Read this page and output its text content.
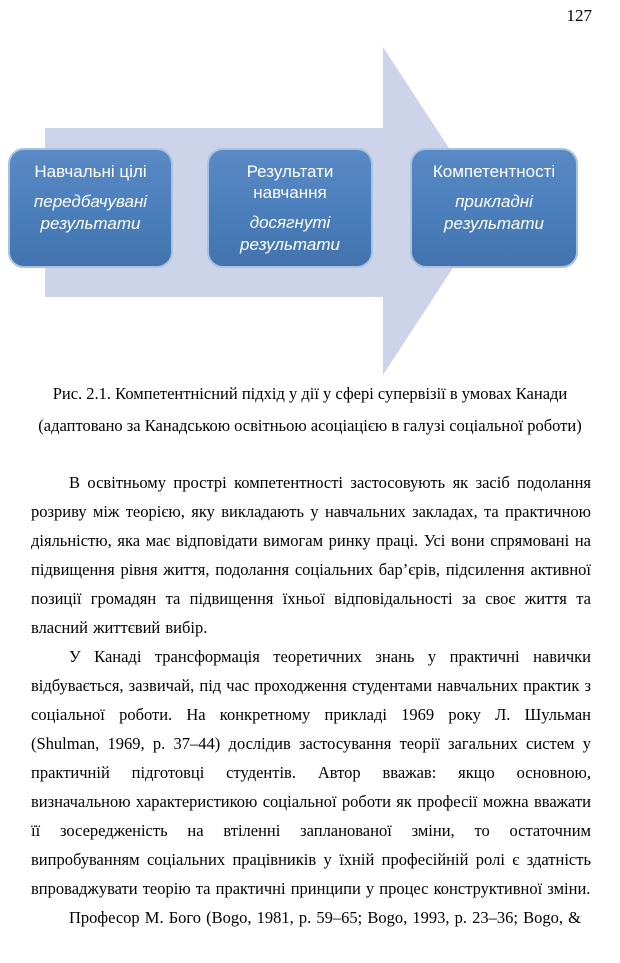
127
Навчальні цілі
передбачувані результати
Результати навчання
досягнуті результати
Компетентності
прикладні результати
Рис. 2.1. Компетентнісний підхід у дії у сфері супервізії в умовах Канади
(адаптовано за Канадською освітньою асоціацією в галузі соціальної роботи)

В освітньому прострі компетентності застосовують як засіб подолання розриву між теорією, яку викладають у навчальних закладах, та практичною діяльністю, яка має відповідати вимогам ринку праці. Усі вони спрямовані на підвищення рівня життя, подолання соціальних бар’єрів, підсилення активної позиції громадян та підвищення їхньої відповідальності за своє життя та власний життєвий вибір.

У Канаді трансформація теоретичних знань у практичні навички відбувається, зазвичай, під час проходження студентами навчальних практик з соціальної роботи. На конкретному прикладі 1969 року Л. Шульман (Shulman, 1969, p. 37–44) дослідив застосування теорії загальних систем у практичній підготовці студентів. Автор вважав: якщо основною, визначальною характеристикою соціальної роботи як професії можна вважати її зосередженість на втіленні запланованої зміни, то остаточним випробуванням соціальних працівників у їхній професійній ролі є здатність впроваджувати теорію та практичні принципи у процес конструктивної зміни.

Професор М. Бого (Bogo, 1981, p. 59–65; Bogo, 1993, p. 23–36; Bogo, &
